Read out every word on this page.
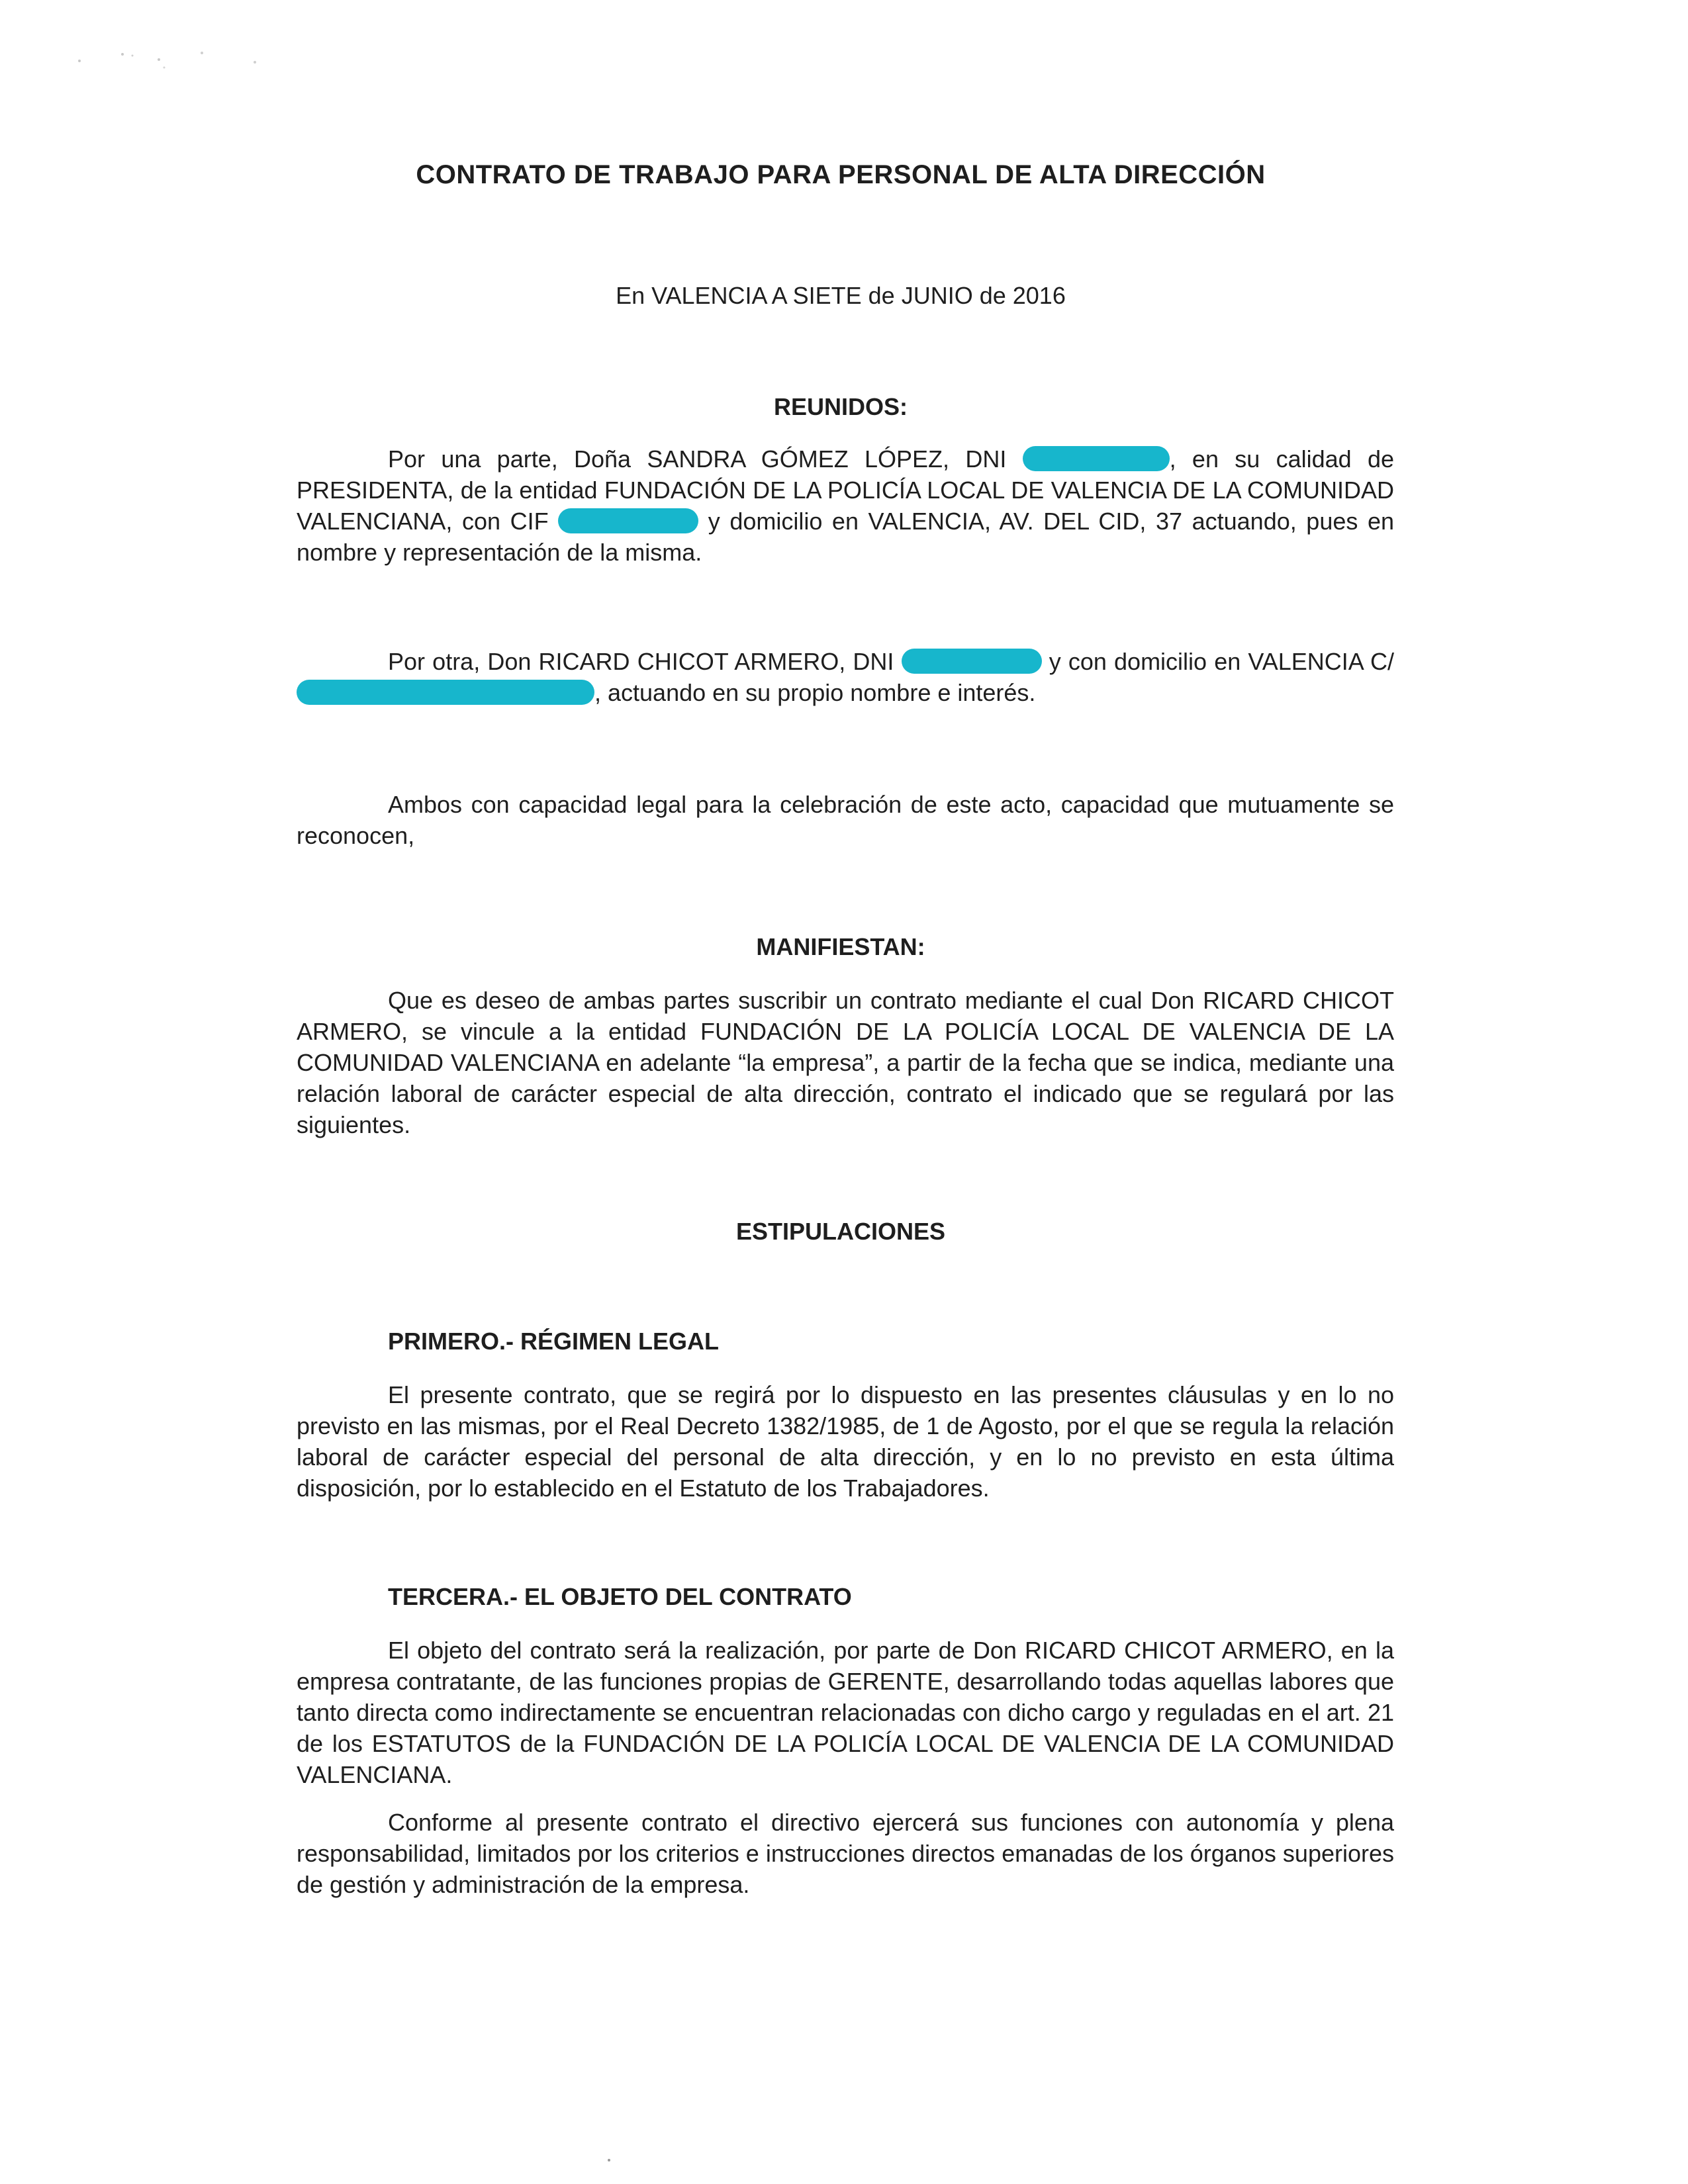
CONTRATO DE TRABAJO PARA PERSONAL DE ALTA DIRECCIÓN
En VALENCIA A SIETE de JUNIO de 2016
REUNIDOS:

Por una parte, Doña SANDRA GÓMEZ LÓPEZ, DNI	, en su calidad de PRESIDENTA, de la entidad FUNDACIÓN DE LA POLICÍA LOCAL DE VALENCIA DE LA COMUNIDAD VALENCIANA, con CIF	y domicilio en VALENCIA, AV. DEL CID, 37 actuando, pues en nombre y representación de la misma.

Por otra, Don RICARD CHICOT ARMERO, DNI	y con domicilio en VALENCIA C/, actuando en su propio nombre e interés.

Ambos con capacidad legal para la celebración de este acto, capacidad que mutuamente se reconocen,

MANIFIESTAN:

Que es deseo de ambas partes suscribir un contrato mediante el cual Don RICARD CHICOT ARMERO, se vincule a la entidad FUNDACIÓN DE LA POLICÍA LOCAL DE VALENCIA DE LA COMUNIDAD VALENCIANA en adelante “la empresa”, a partir de la fecha que se indica, mediante una relación laboral de carácter especial de alta dirección, contrato el indicado que se regulará por las siguientes.

ESTIPULACIONES
PRIMERO.- RÉGIMEN LEGAL

El presente contrato, que se regirá por lo dispuesto en las presentes cláusulas y en lo no previsto en las mismas, por el Real Decreto 1382/1985, de 1 de Agosto, por el que se regula la relación laboral de carácter especial del personal de alta dirección, y en lo no previsto en esta última disposición, por lo establecido en el Estatuto de los Trabajadores.

TERCERA.- EL OBJETO DEL CONTRATO

El objeto del contrato será la realización, por parte de Don RICARD CHICOT ARMERO, en la empresa contratante, de las funciones propias de GERENTE, desarrollando todas aquellas labores que tanto directa como indirectamente se encuentran relacionadas con dicho cargo y reguladas en el art. 21 de los ESTATUTOS de la FUNDACIÓN DE LA POLICÍA LOCAL DE VALENCIA DE LA COMUNIDAD VALENCIANA.

Conforme al presente contrato el directivo ejercerá sus funciones con autonomía y plena responsabilidad, limitados por los criterios e instrucciones directos emanadas de los órganos superiores de gestión y administración de la empresa.
